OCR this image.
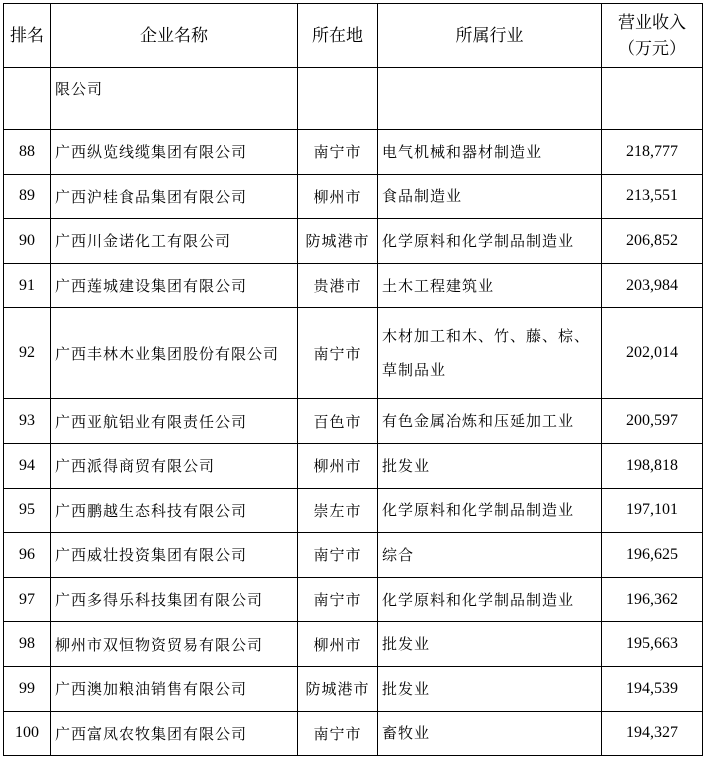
排名	企业名称	所在地	所属行业	营业收入
（万元）

	限公司			
88	广西纵览线缆集团有限公司	南宁市	电气机械和器材制造业	218,777
89	广西沪桂食品集团有限公司	柳州市	食品制造业	213,551
90	广西川金诺化工有限公司	防城港市	化学原料和化学制品制造业	206,852
91	广西莲城建设集团有限公司	贵港市	土木工程建筑业	203,984
92	广西丰林木业集团股份有限公司	南宁市	木材加工和木、竹、藤、棕、草制品业	202,014
93	广西亚航铝业有限责任公司	百色市	有色金属冶炼和压延加工业	200,597
94	广西派得商贸有限公司	柳州市	批发业	198,818
95	广西鹏越生态科技有限公司	崇左市	化学原料和化学制品制造业	197,101
96	广西威壮投资集团有限公司	南宁市	综合	196,625
97	广西多得乐科技集团有限公司	南宁市	化学原料和化学制品制造业	196,362
98	柳州市双恒物资贸易有限公司	柳州市	批发业	195,663
99	广西澳加粮油销售有限公司	防城港市	批发业	194,539
100	广西富凤农牧集团有限公司	南宁市	畜牧业	194,327
